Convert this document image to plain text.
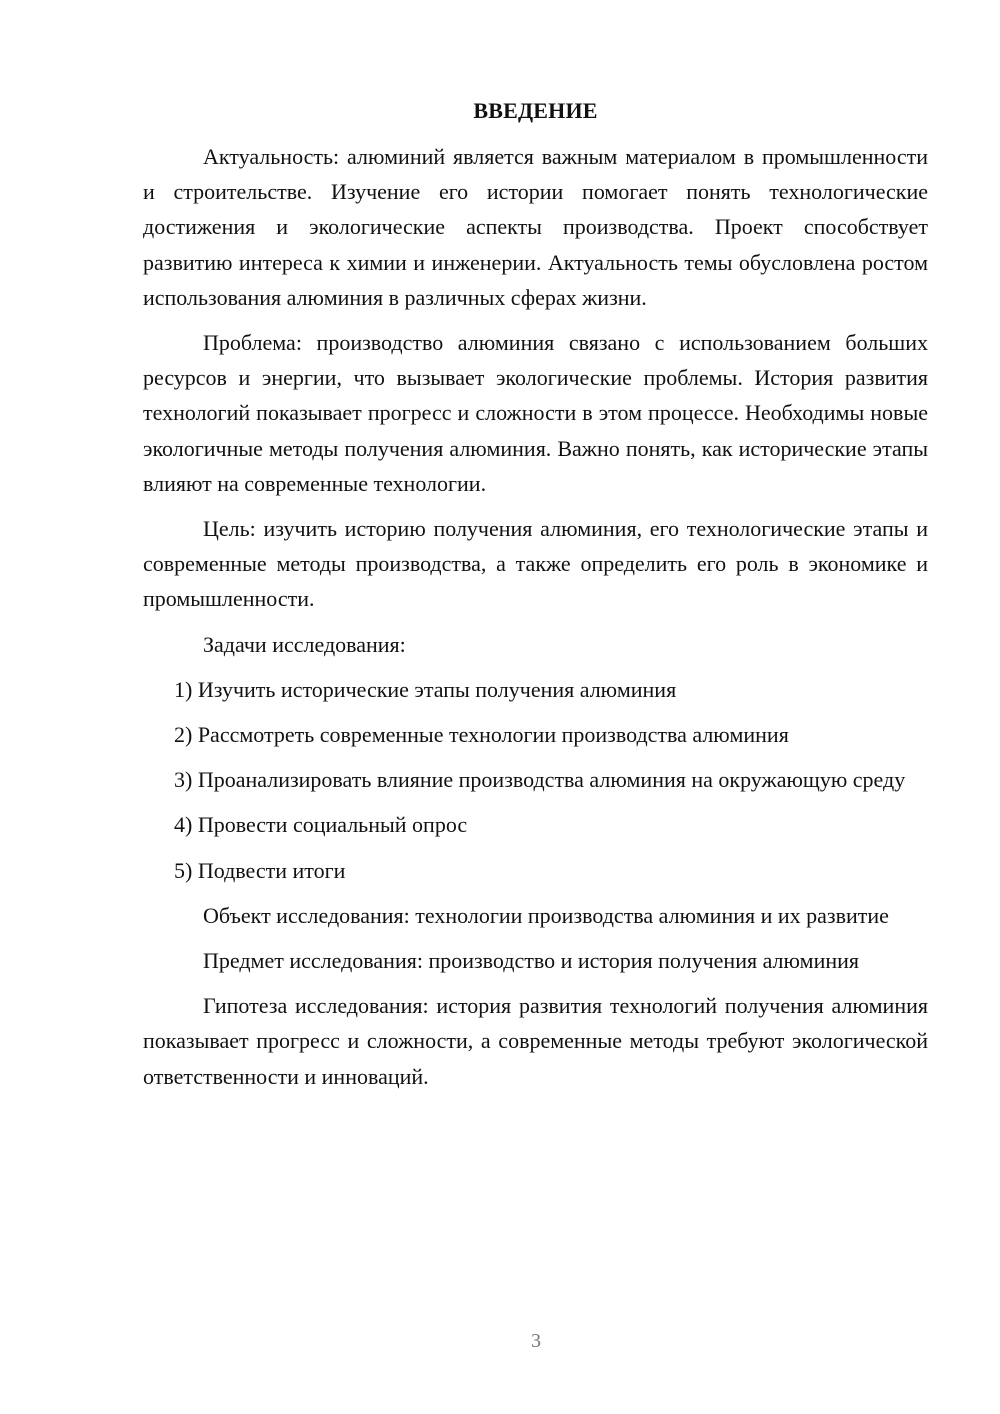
ВВЕДЕНИЕ

Актуальность: алюминий является важным материалом в промышленности и строительстве. Изучение его истории помогает понять технологические достижения и экологические аспекты производства. Проект способствует развитию интереса к химии и инженерии. Актуальность темы обусловлена ростом использования алюминия в различных сферах жизни.

Проблема: производство алюминия связано с использованием больших ресурсов и энергии, что вызывает экологические проблемы. История развития технологий показывает прогресс и сложности в этом процессе. Необходимы новые экологичные методы получения алюминия. Важно понять, как исторические этапы влияют на современные технологии.

Цель: изучить историю получения алюминия, его технологические этапы и современные методы производства, а также определить его роль в экономике и промышленности.

Задачи исследования:

1) Изучить исторические этапы получения алюминия

2) Рассмотреть современные технологии производства алюминия

3) Проанализировать влияние производства алюминия на окружающую среду

4) Провести социальный опрос

5) Подвести итоги

Объект исследования: технологии производства алюминия и их развитие

Предмет исследования: производство и история получения алюминия

Гипотеза исследования: история развития технологий получения алюминия показывает прогресс и сложности, а современные методы требуют экологической ответственности и инноваций.

3
